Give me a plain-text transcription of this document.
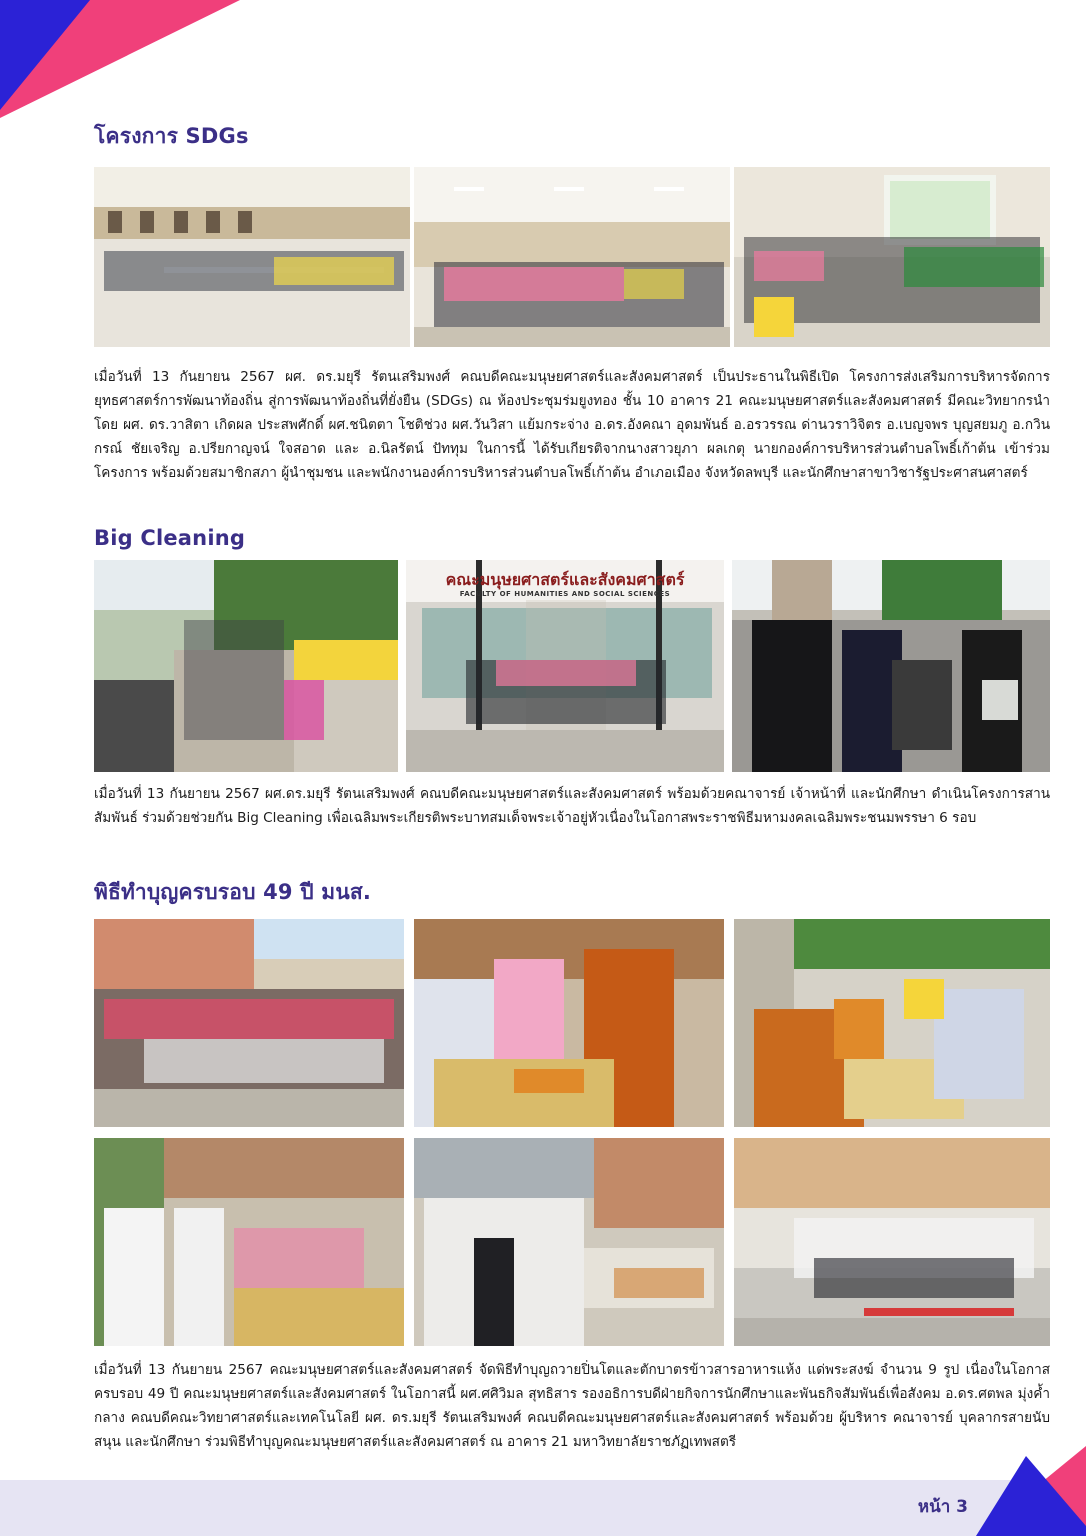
หน้า 3
โครงการ SDGs

เมื่อวันที่ 13 กันยายน 2567 ผศ. ดร.มยุรี รัตนเสริมพงศ์ คณบดีคณะมนุษยศาสตร์และสังคมศาสตร์ เป็นประธานในพิธีเปิด โครงการส่งเสริมการบริหารจัดการยุทธศาสตร์การพัฒนาท้องถิ่น สู่การพัฒนาท้องถิ่นที่ยั่งยืน (SDGs) ณ ห้องประชุมร่มยูงทอง ชั้น 10 อาคาร 21 คณะมนุษยศาสตร์และสังคมศาสตร์ มีคณะวิทยากรนำโดย ผศ. ดร.วาสิตา เกิดผล ประสพศักดิ์ ผศ.ชนิตตา โชติช่วง ผศ.วันวิสา แย้มกระจ่าง อ.ดร.อังคณา อุดมพันธ์ อ.อรวรรณ ด่านวราวิจิตร อ.เบญจพร บุญสยมภู อ.กวินกรณ์ ชัยเจริญ อ.ปรีย​กาญจน์ ใจสอาด และ อ.นิลรัตน์ ปัททุม ในการนี้ ได้รับเกียรติจากนางสาวยุภา ผลเกตุ นายกองค์การบริหารส่วนตำบลโพธิ์เก้าต้น เข้าร่วมโครงการ พร้อมด้วยสมาชิกสภา ผู้นำชุมชน และพนักงานองค์การบริหารส่วนตำบลโพธิ์เก้าต้น อำเภอเมือง จังหวัดลพบุรี และนักศึกษาสาขาวิชารัฐประศาสนศาสตร์

Big Cleaning
คณะมนุษยศาสตร์และสังคมศาสตร์
FACULTY OF HUMANITIES AND SOCIAL SCIENCES

เมื่อวันที่ 13 กันยายน 2567 ผศ.ดร.มยุรี รัตนเสริมพงศ์ คณบดีคณะมนุษยศาสตร์และสังคมศาสตร์ พร้อมด้วยคณาจารย์ เจ้าหน้าที่ และนักศึกษา ดำเนินโครงการสานสัมพันธ์ ร่วมด้วยช่วยกัน Big Cleaning เพื่อเฉลิมพระเกียรติพระบาทสมเด็จพระเจ้าอยู่หัวเนื่องในโอกาสพระราชพิธีมหามงคลเฉลิมพระชนมพรรษา 6 รอบ

พิธีทำบุญครบรอบ 49 ปี มนส.

เมื่อวันที่ 13 กันยายน 2567 คณะมนุษยศาสตร์และสังคมศาสตร์ จัดพิธีทำบุญถวายปิ่นโตและตักบาตรข้าวสารอาหารแห้ง แด่พระสงฆ์ จำนวน 9 รูป เนื่องในโอกาสครบรอบ 49 ปี คณะมนุษยศาสตร์และสังคมศาสตร์ ในโอกาสนี้ ผศ.ศศิวิมล สุทธิสาร รองอธิการบดีฝ่ายกิจการนักศึกษาและพันธกิจสัมพันธ์เพื่อสังคม อ.ดร.ศตพล มุ่งค้ำกลาง คณบดีคณะวิทยาศาสตร์และเทคโนโลยี ผศ. ดร.มยุรี รัตนเสริมพงศ์ คณบดีคณะมนุษยศาสตร์และสังคมศาสตร์ พร้อมด้วย ผู้บริหาร คณาจารย์ บุคลากรสายนับสนุน และนักศึกษา ร่วมพิธีทำบุญคณะมนุษยศาสตร์และสังคมศาสตร์ ณ อาคาร 21 มหาวิทยาลัยราชภัฏเทพสตรี
